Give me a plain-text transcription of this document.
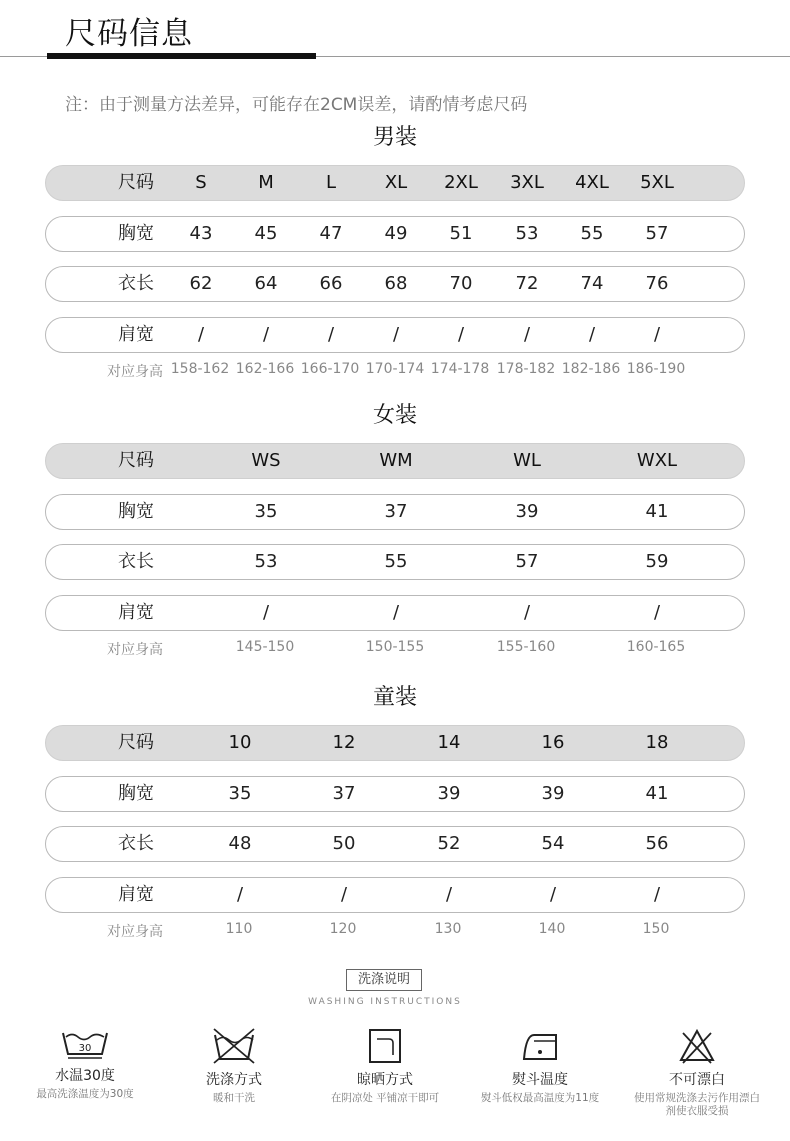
尺码信息
注：由于测量方法差异，可能存在2CM误差，请酌情考虑尺码
男装
尺码 S	M	L	XL 2XL 3XL 4XL 5XL
胸宽 43 45 47 49 51 53 55 57
衣长 62 64 66 68 70 72 74 76
肩宽 /	/	/	/	/	/	/	/
对应身高 158-162 162-166 166-170 170-174 174-178 178-182 182-186 186-190
女装
尺码	WS	WM	WL	WXL
胸宽	35	37	39	41
衣长	53	55	57	59
肩宽	/	/	/	/
对应身高	145-150	150-155	155-160	160-165
童装
尺码	10	12	14	16	18
胸宽	35	37	39	39	41
衣长	48	50	52	54	56
肩宽	/	/	/	/	/
对应身高	110	120	130	140	150
洗涤说明
WASHING INSTRUCTIONS
30
水温30度
最高洗涤温度为30度
洗涤方式
暖和干洗
晾晒方式
在阴凉处 平铺凉干即可
熨斗温度
熨斗低权最高温度为11度
不可漂白
使用常规洗涤去污作用漂白剂使衣服受损
